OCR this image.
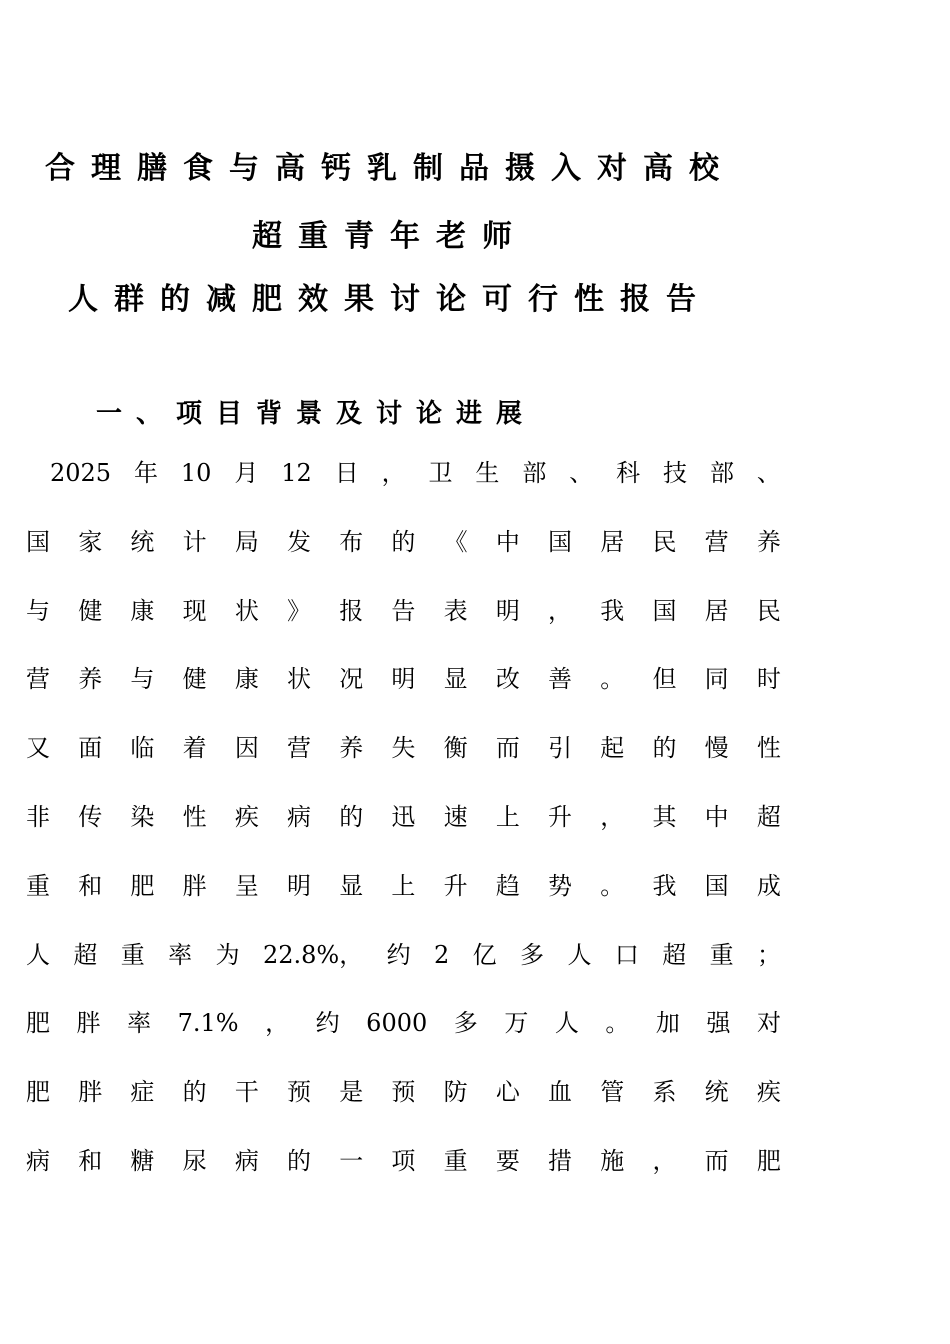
合理膳食与高钙乳制品摄入对高校
超重青年老师
人群的减肥效果讨论可行性报告
一、项目背景及讨论进展
2025 年 10 月 12 日 ， 卫 生 部 、 科 技 部 、
国 家 统 计 局 发 布 的 《 中 国 居 民 营 养
与 健 康 现 状 》 报 告 表 明 ， 我 国 居 民
营 养 与 健 康 状 况 明 显 改 善 。 但 同 时
又 面 临 着 因 营 养 失 衡 而 引 起 的 慢 性
非 传 染 性 疾 病 的 迅 速 上 升 ， 其 中 超
重 和 肥 胖 呈 明 显 上 升 趋 势 。 我 国 成
人 超 重 率 为 22.8%， 约 2 亿 多 人 口 超 重 ；
肥 胖 率 7.1% ， 约 6000 多 万 人 。 加 强 对
肥 胖 症 的 干 预 是 预 防 心 血 管 系 统 疾
病 和 糖 尿 病 的 一 项 重 要 措 施 ， 而 肥
